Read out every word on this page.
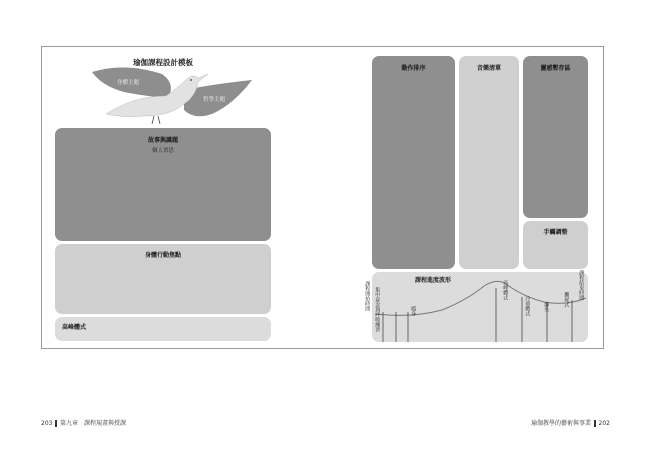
瑜伽課程設計模板
身體主題
哲學主題
故事與識題
個人省思
身體行動焦點
高峰體式
動作排序	音樂清單	靈感暫存區
手觸調整
課程進度波形
課程開始時間 集中意念與呼吸練習	暖身
高峰體式
冷卻體式	靜坐	攤屍式 課程結束時間
203 第九章　課程規畫與授課	瑜伽教學的藝術與事業 202
